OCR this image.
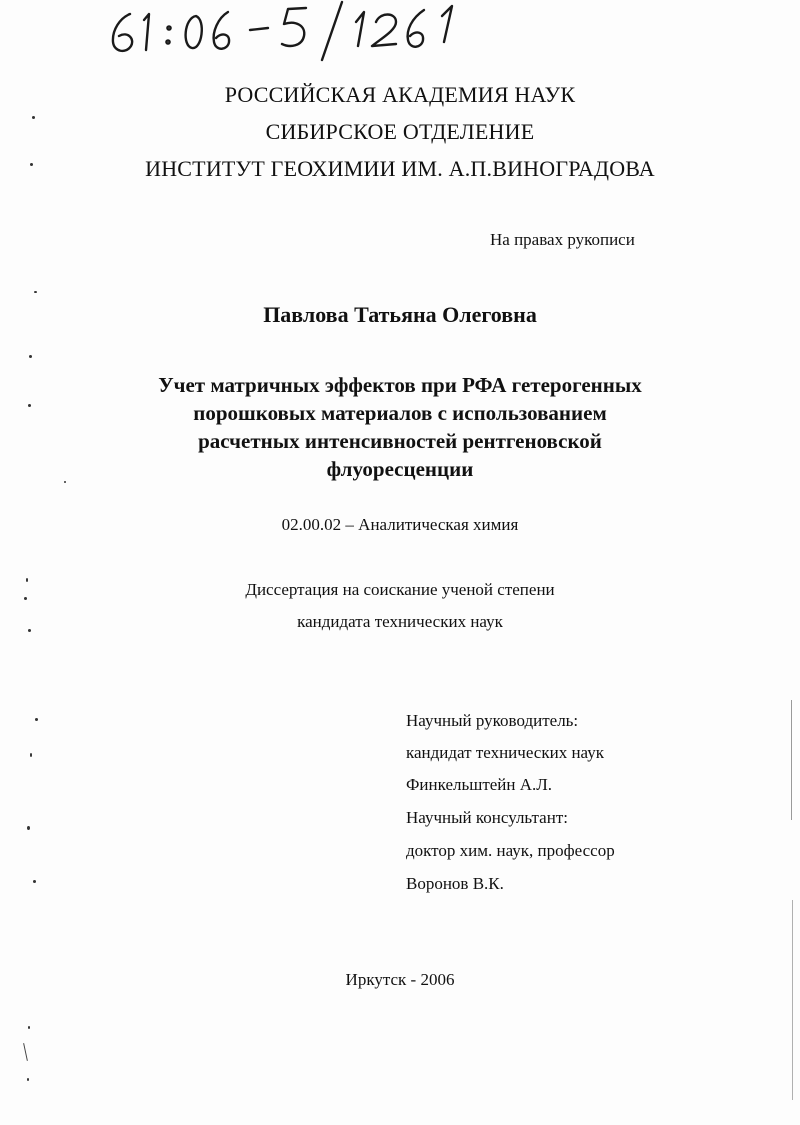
РОССИЙСКАЯ АКАДЕМИЯ НАУК
СИБИРСКОЕ ОТДЕЛЕНИЕ
ИНСТИТУТ ГЕОХИМИИ ИМ. А.П.ВИНОГРАДОВА
На правах рукописи
Павлова Татьяна Олеговна
Учет матричных эффектов при РФА гетерогенных
порошковых материалов с использованием
расчетных интенсивностей рентгеновской
флуоресценции
02.00.02 – Аналитическая химия
Диссертация на соискание ученой степени
кандидата технических наук
Научный руководитель:
кандидат технических наук
Финкельштейн А.Л.
Научный консультант:
доктор хим. наук, профессор
Воронов В.К.
Иркутск - 2006
